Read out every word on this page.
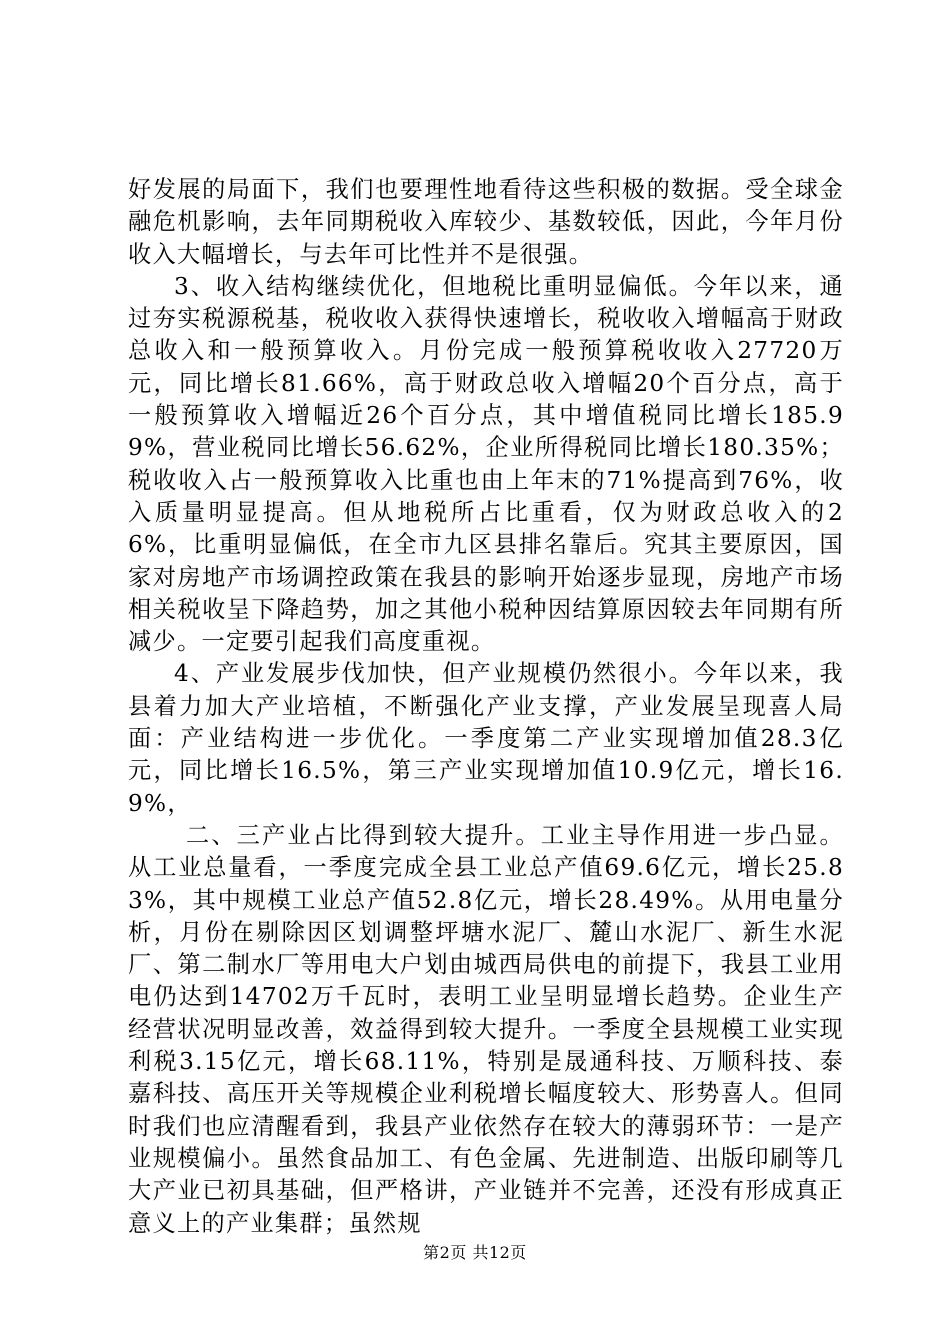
好发展的局面下，我们也要理性地看待这些积极的数据。受全球金融危机影响，去年同期税收入库较少、基数较低，因此，今年月份收入大幅增长，与去年可比性并不是很强。

3、收入结构继续优化，但地税比重明显偏低。今年以来，通过夯实税源税基，税收收入获得快速增长，税收收入增幅高于财政总收入和一般预算收入。月份完成一般预算税收收入27720万元，同比增长81.66%，高于财政总收入增幅20个百分点，高于一般预算收入增幅近26个百分点，其中增值税同比增长185.99%，营业税同比增长56.62%，企业所得税同比增长180.35%；税收收入占一般预算收入比重也由上年末的71%提高到76%，收入质量明显提高。但从地税所占比重看，仅为财政总收入的26%，比重明显偏低，在全市九区县排名靠后。究其主要原因，国家对房地产市场调控政策在我县的影响开始逐步显现，房地产市场相关税收呈下降趋势，加之其他小税种因结算原因较去年同期有所减少。一定要引起我们高度重视。

4、产业发展步伐加快，但产业规模仍然很小。今年以来，我县着力加大产业培植，不断强化产业支撑，产业发展呈现喜人局面：产业结构进一步优化。一季度第二产业实现增加值28.3亿元，同比增长16.5%，第三产业实现增加值10.9亿元，增长16.9%，

二、三产业占比得到较大提升。工业主导作用进一步凸显。从工业总量看，一季度完成全县工业总产值69.6亿元，增长25.83%，其中规模工业总产值52.8亿元，增长28.49%。从用电量分析，月份在剔除因区划调整坪塘水泥厂、麓山水泥厂、新生水泥厂、第二制水厂等用电大户划由城西局供电的前提下，我县工业用电仍达到14702万千瓦时，表明工业呈明显增长趋势。企业生产经营状况明显改善，效益得到较大提升。一季度全县规模工业实现利税3.15亿元，增长68.11%，特别是晟通科技、万顺科技、泰嘉科技、高压开关等规模企业利税增长幅度较大、形势喜人。但同时我们也应清醒看到，我县产业依然存在较大的薄弱环节：一是产业规模偏小。虽然食品加工、有色金属、先进制造、出版印刷等几大产业已初具基础，但严格讲，产业链并不完善，还没有形成真正意义上的产业集群；虽然规

第2页 共12页
